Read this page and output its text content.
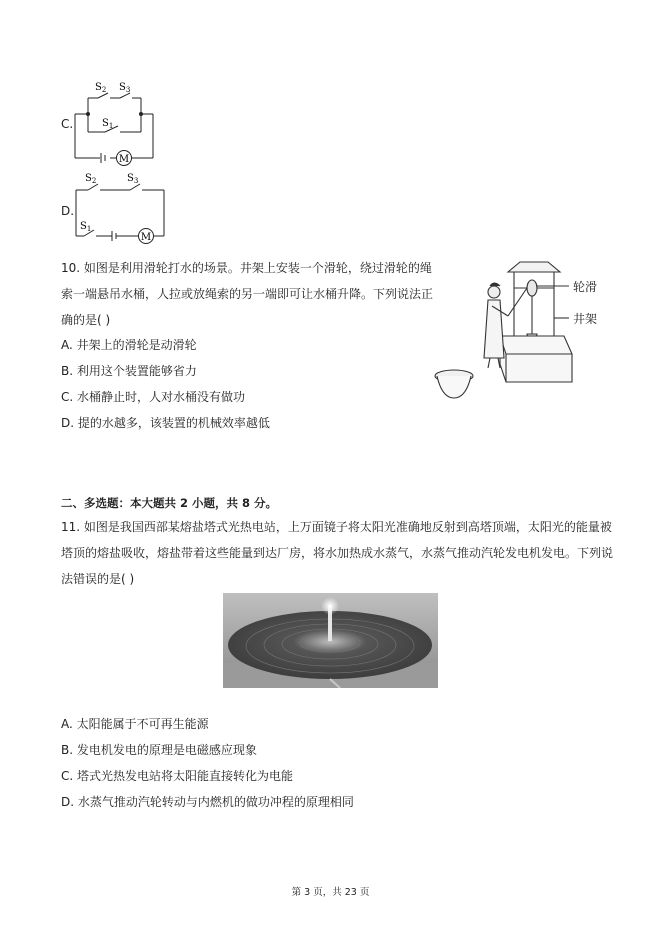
M
$S_2$ $S_3$
$S_1$
C.
M
$S_2$	$S_3$
$S_1$
D.
10. 如图是利用滑轮打水的场景。井架上安装一个滑轮，绕过滑轮的绳
索一端悬吊水桶，人拉或放绳索的另一端即可让水桶升降。下列说法正
确的是( )
A. 井架上的滑轮是动滑轮
B. 利用这个装置能够省力
C. 水桶静止时，人对水桶没有做功
D. 提的水越多，该装置的机械效率越低
轮滑
井架
二、多选题：本大题共 2 小题，共 8 分。
11. 如图是我国西部某熔盐塔式光热电站，上万面镜子将太阳光准确地反射到高塔顶端，太阳光的能量被
塔顶的熔盐吸收，熔盐带着这些能量到达厂房，将水加热成水蒸气，水蒸气推动汽轮发电机发电。下列说
法错误的是( )
A. 太阳能属于不可再生能源
B. 发电机发电的原理是电磁感应现象
C. 塔式光热发电站将太阳能直接转化为电能
D. 水蒸气推动汽轮转动与内燃机的做功冲程的原理相同
第 3 页，共 23 页
